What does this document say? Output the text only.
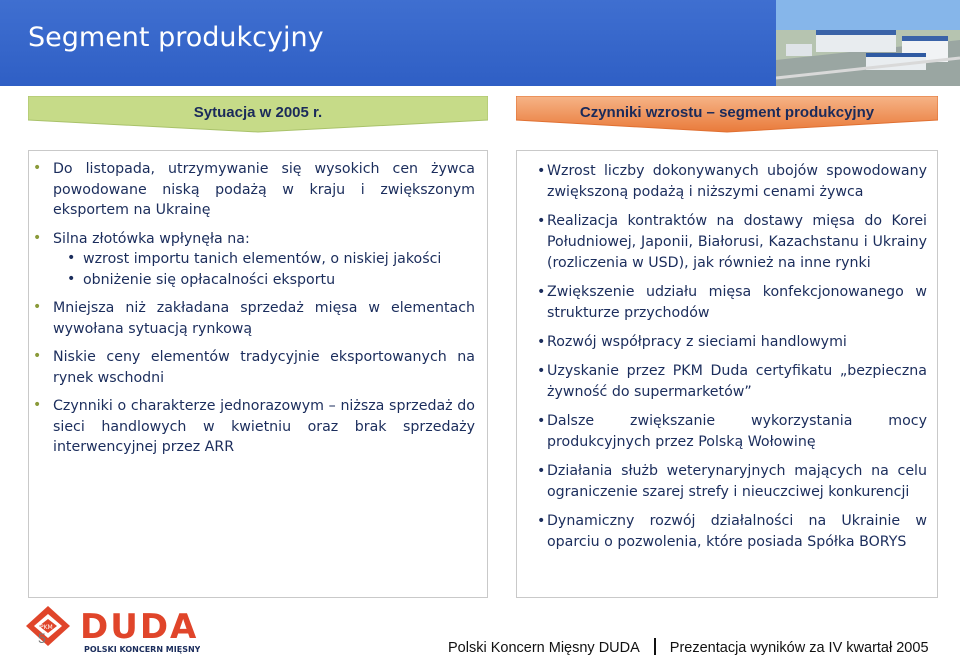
Segment produkcyjny
Sytuacja w 2005 r.	Czynniki wzrostu – segment produkcyjny
• Do listopada, utrzymywanie się wysokich cen żywca powodowane niską podażą w kraju i zwiększonym eksportem na Ukrainę
• Silna złotówka wpłynęła na:
• wzrost importu tanich elementów, o niskiej jakości
• obniżenie się opłacalności eksportu
• Mniejsza niż zakładana sprzedaż mięsa w elementach wywołana sytuacją rynkową
• Niskie ceny elementów tradycyjnie eksportowanych na rynek wschodni
• Czynniki o charakterze jednorazowym – niższa sprzedaż do sieci handlowych w kwietniu oraz brak sprzedaży interwencyjnej przez ARR
• Wzrost liczby dokonywanych ubojów spowodowany zwiększoną podażą i niższymi cenami żywca
• Realizacja kontraktów na dostawy mięsa do Korei Południowej, Japonii, Białorusi, Kazachstanu i Ukrainy (rozliczenia w USD), jak również na inne rynki
• Zwiększenie udziału mięsa konfekcjonowanego w strukturze przychodów
• Rozwój współpracy z sieciami handlowymi
• Uzyskanie przez PKM Duda certyfikatu „bezpieczna żywność do supermarketów”
• Dalsze zwiększanie wykorzystania mocy produkcyjnych przez Polską Wołowinę
• Działania służb weterynaryjnych mających na celu ograniczenie szarej strefy i nieuczciwej konkurencji
• Dynamiczny rozwój działalności na Ukrainie w oparciu o pozwolenia, które posiada Spółka BORYS
PKM DUDA
POLSKI KONCERN MIĘSNY
5
Polski Koncern Mięsny DUDA Prezentacja wyników za IV kwartał 2005
